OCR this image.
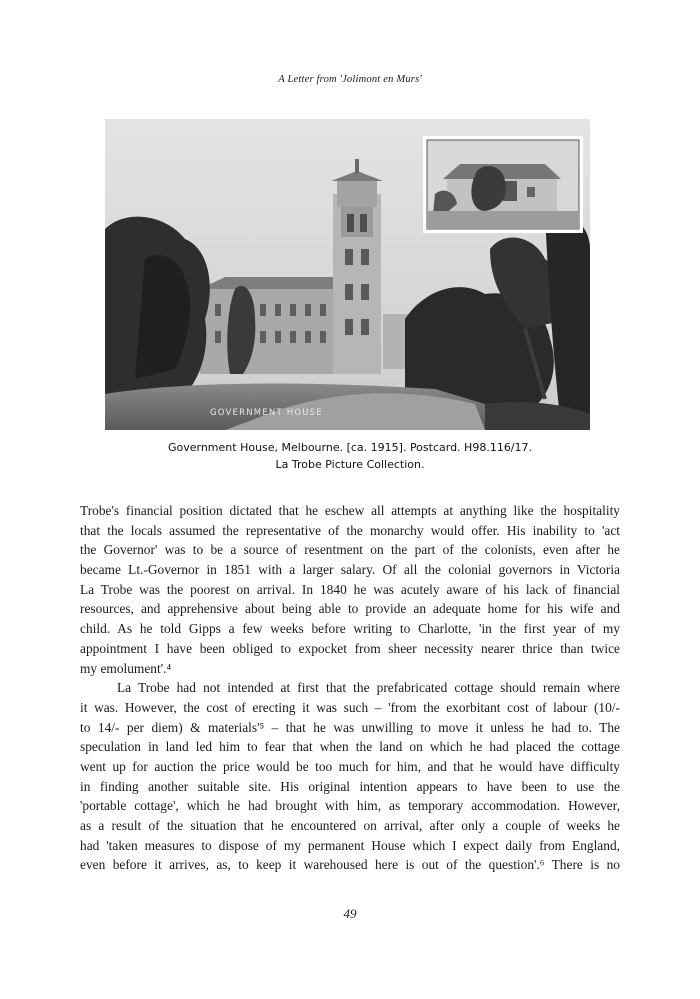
A Letter from 'Jolimont en Murs'
GOVERNMENT HOUSE
Government House, Melbourne. [ca. 1915]. Postcard. H98.116/17.
La Trobe Picture Collection.
Trobe's financial position dictated that he eschew all attempts at anything like the hospitality
that the locals assumed the representative of the monarchy would offer. His inability to 'act
the Governor' was to be a source of resentment on the part of the colonists, even after he
became Lt.-Governor in 1851 with a larger salary. Of all the colonial governors in Victoria
La Trobe was the poorest on arrival. In 1840 he was acutely aware of his lack of financial
resources, and apprehensive about being able to provide an adequate home for his wife and
child. As he told Gipps a few weeks before writing to Charlotte, 'in the first year of my
appointment I have been obliged to expocket from sheer necessity nearer thrice than twice
my emolument'.⁴
La Trobe had not intended at first that the prefabricated cottage should remain where
it was. However, the cost of erecting it was such – 'from the exorbitant cost of labour (10/-
to 14/- per diem) & materials'⁵ – that he was unwilling to move it unless he had to. The
speculation in land led him to fear that when the land on which he had placed the cottage
went up for auction the price would be too much for him, and that he would have difficulty
in finding another suitable site. His original intention appears to have been to use the
'portable cottage', which he had brought with him, as temporary accommodation. However,
as a result of the situation that he encountered on arrival, after only a couple of weeks he
had 'taken measures to dispose of my permanent House which I expect daily from England,
even before it arrives, as, to keep it warehoused here is out of the question'.⁶ There is no
49
